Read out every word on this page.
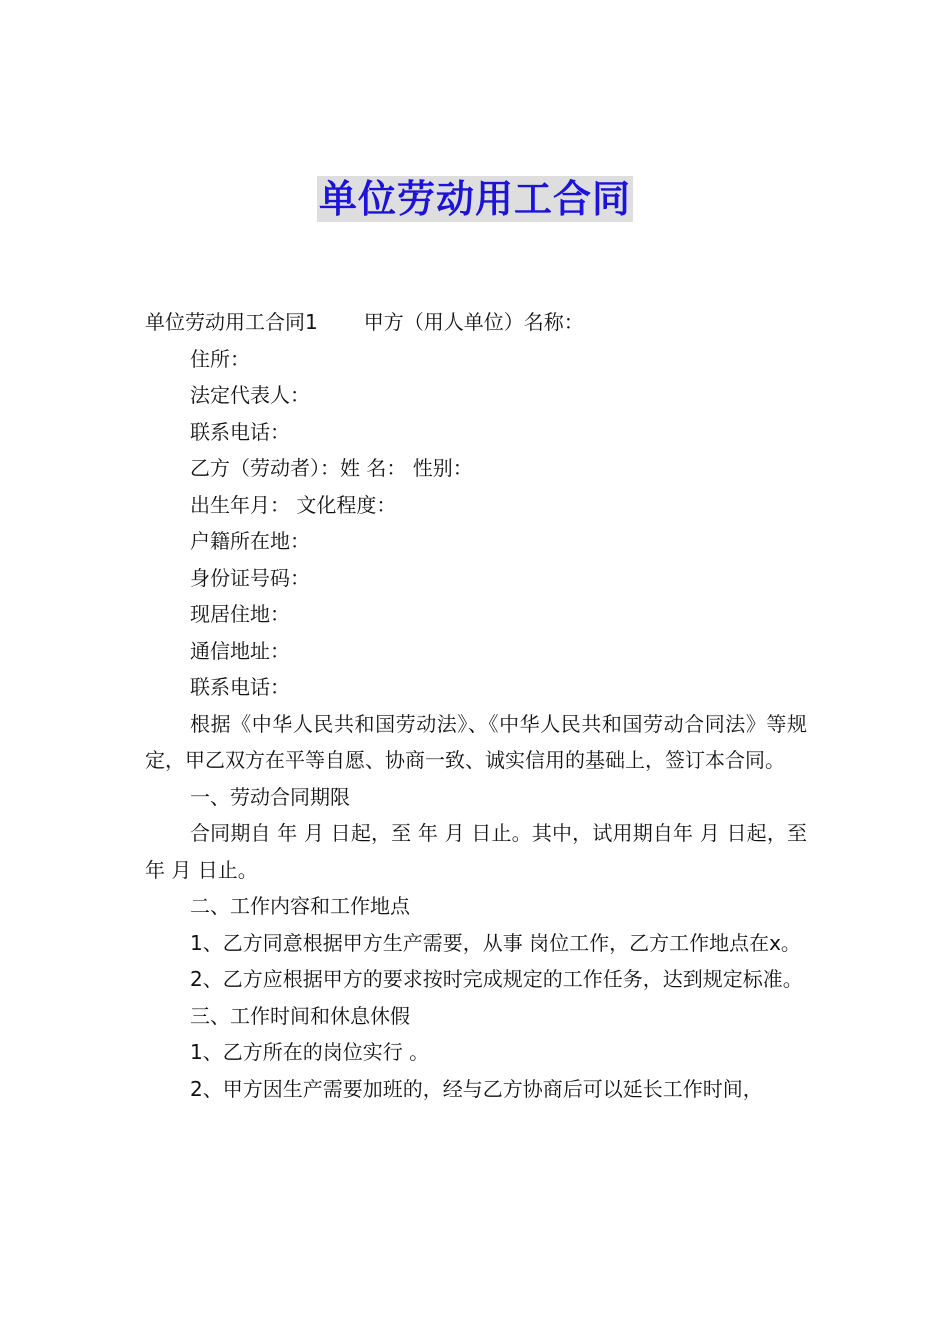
单位劳动用工合同
单位劳动用工合同1 甲方（用人单位）名称：
住所：
法定代表人：
联系电话：
乙方（劳动者）：姓 名： 性别：
出生年月： 文化程度：
户籍所在地：
身份证号码：
现居住地：
通信地址：
联系电话：
根据《中华人民共和国劳动法》、《中华人民共和国劳动合同法》等规定，甲乙双方在平等自愿、协商一致、诚实信用的基础上，签订本合同。
一、劳动合同期限
合同期自 年 月 日起，至 年 月 日止。其中，试用期自年 月 日起，至 年 月 日止。
二、工作内容和工作地点
1、乙方同意根据甲方生产需要，从事 岗位工作，乙方工作地点在x。
2、乙方应根据甲方的要求按时完成规定的工作任务，达到规定标准。
三、工作时间和休息休假
1、乙方所在的岗位实行 。
2、甲方因生产需要加班的，经与乙方协商后可以延长工作时间，
